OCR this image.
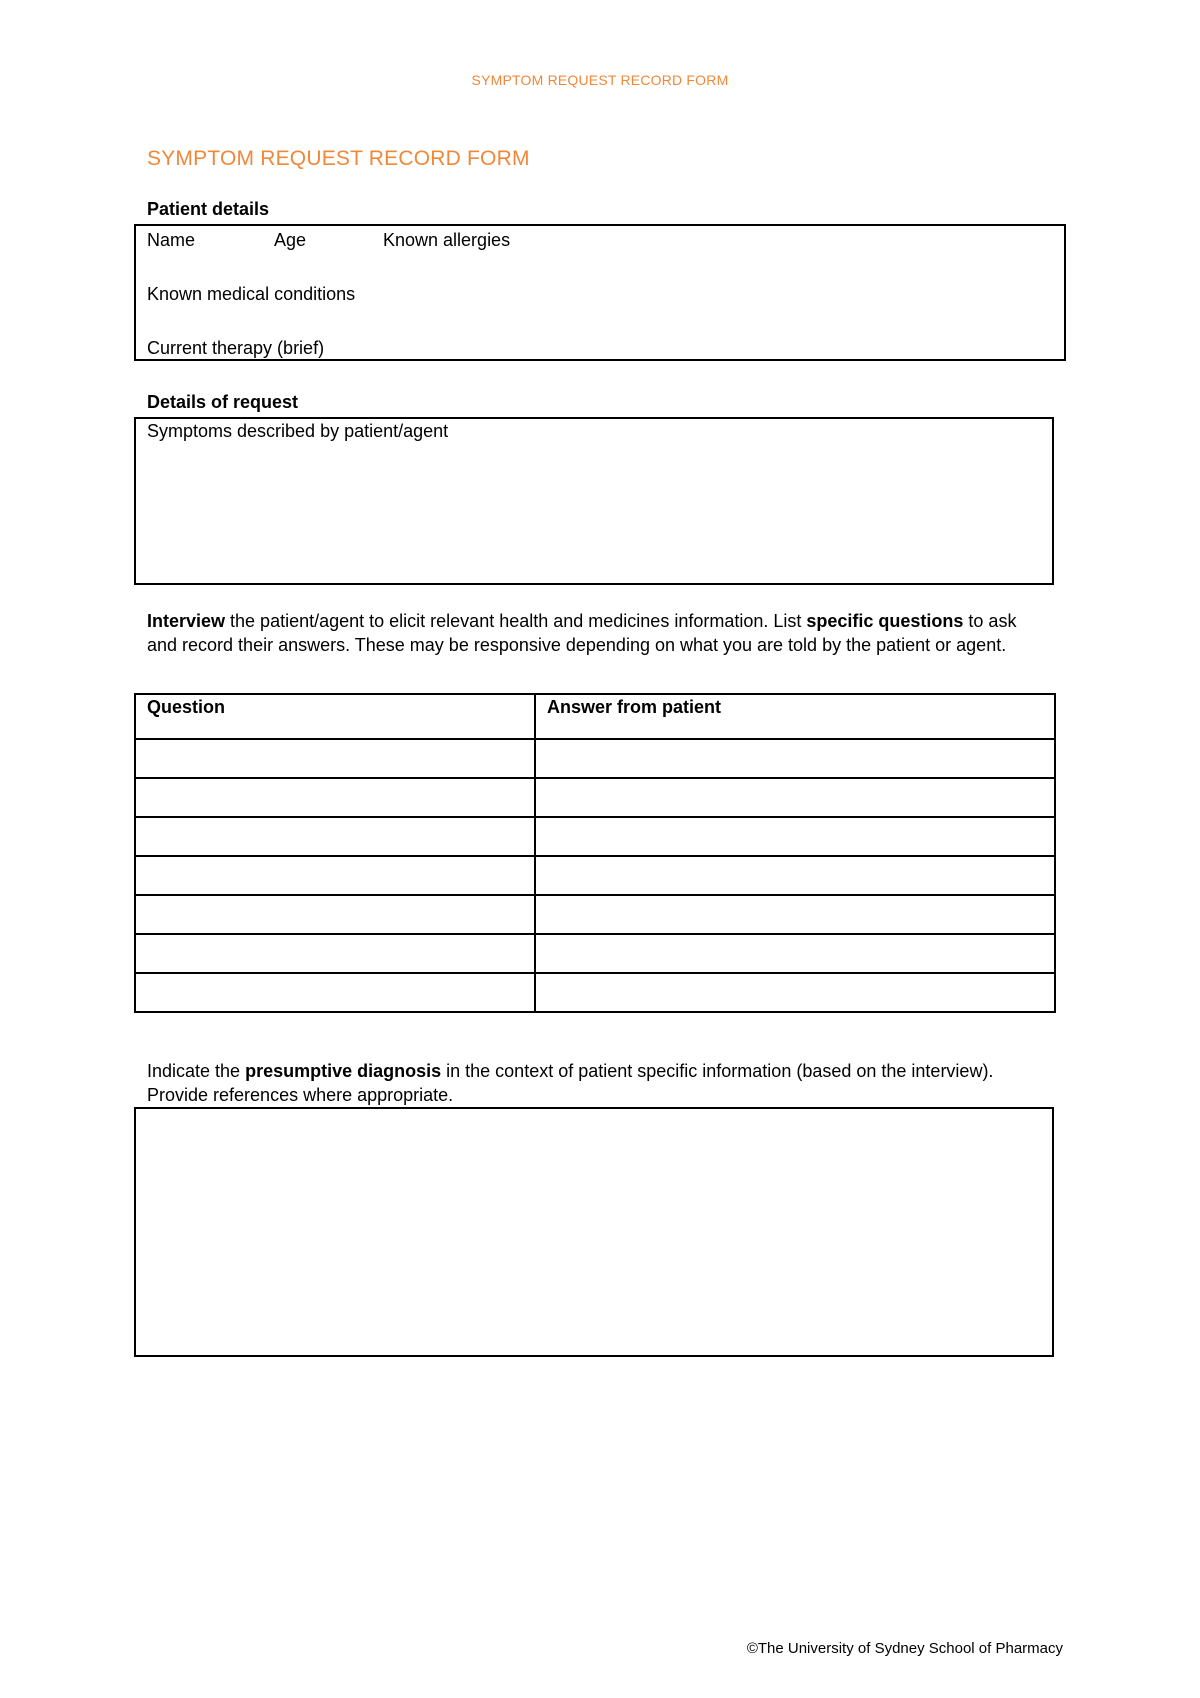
SYMPTOM REQUEST RECORD FORM
SYMPTOM REQUEST RECORD FORM
Patient details
Name	Age	Known allergies
Known medical conditions
Current therapy (brief)
Details of request
Symptoms described by patient/agent
Interview the patient/agent to elicit relevant health and medicines information. List specific questions to ask and record their answers. These may be responsive depending on what you are told by the patient or agent.
Question	Answer from patient

Indicate the presumptive diagnosis in the context of patient specific information (based on the interview). Provide references where appropriate.
©The University of Sydney School of Pharmacy
